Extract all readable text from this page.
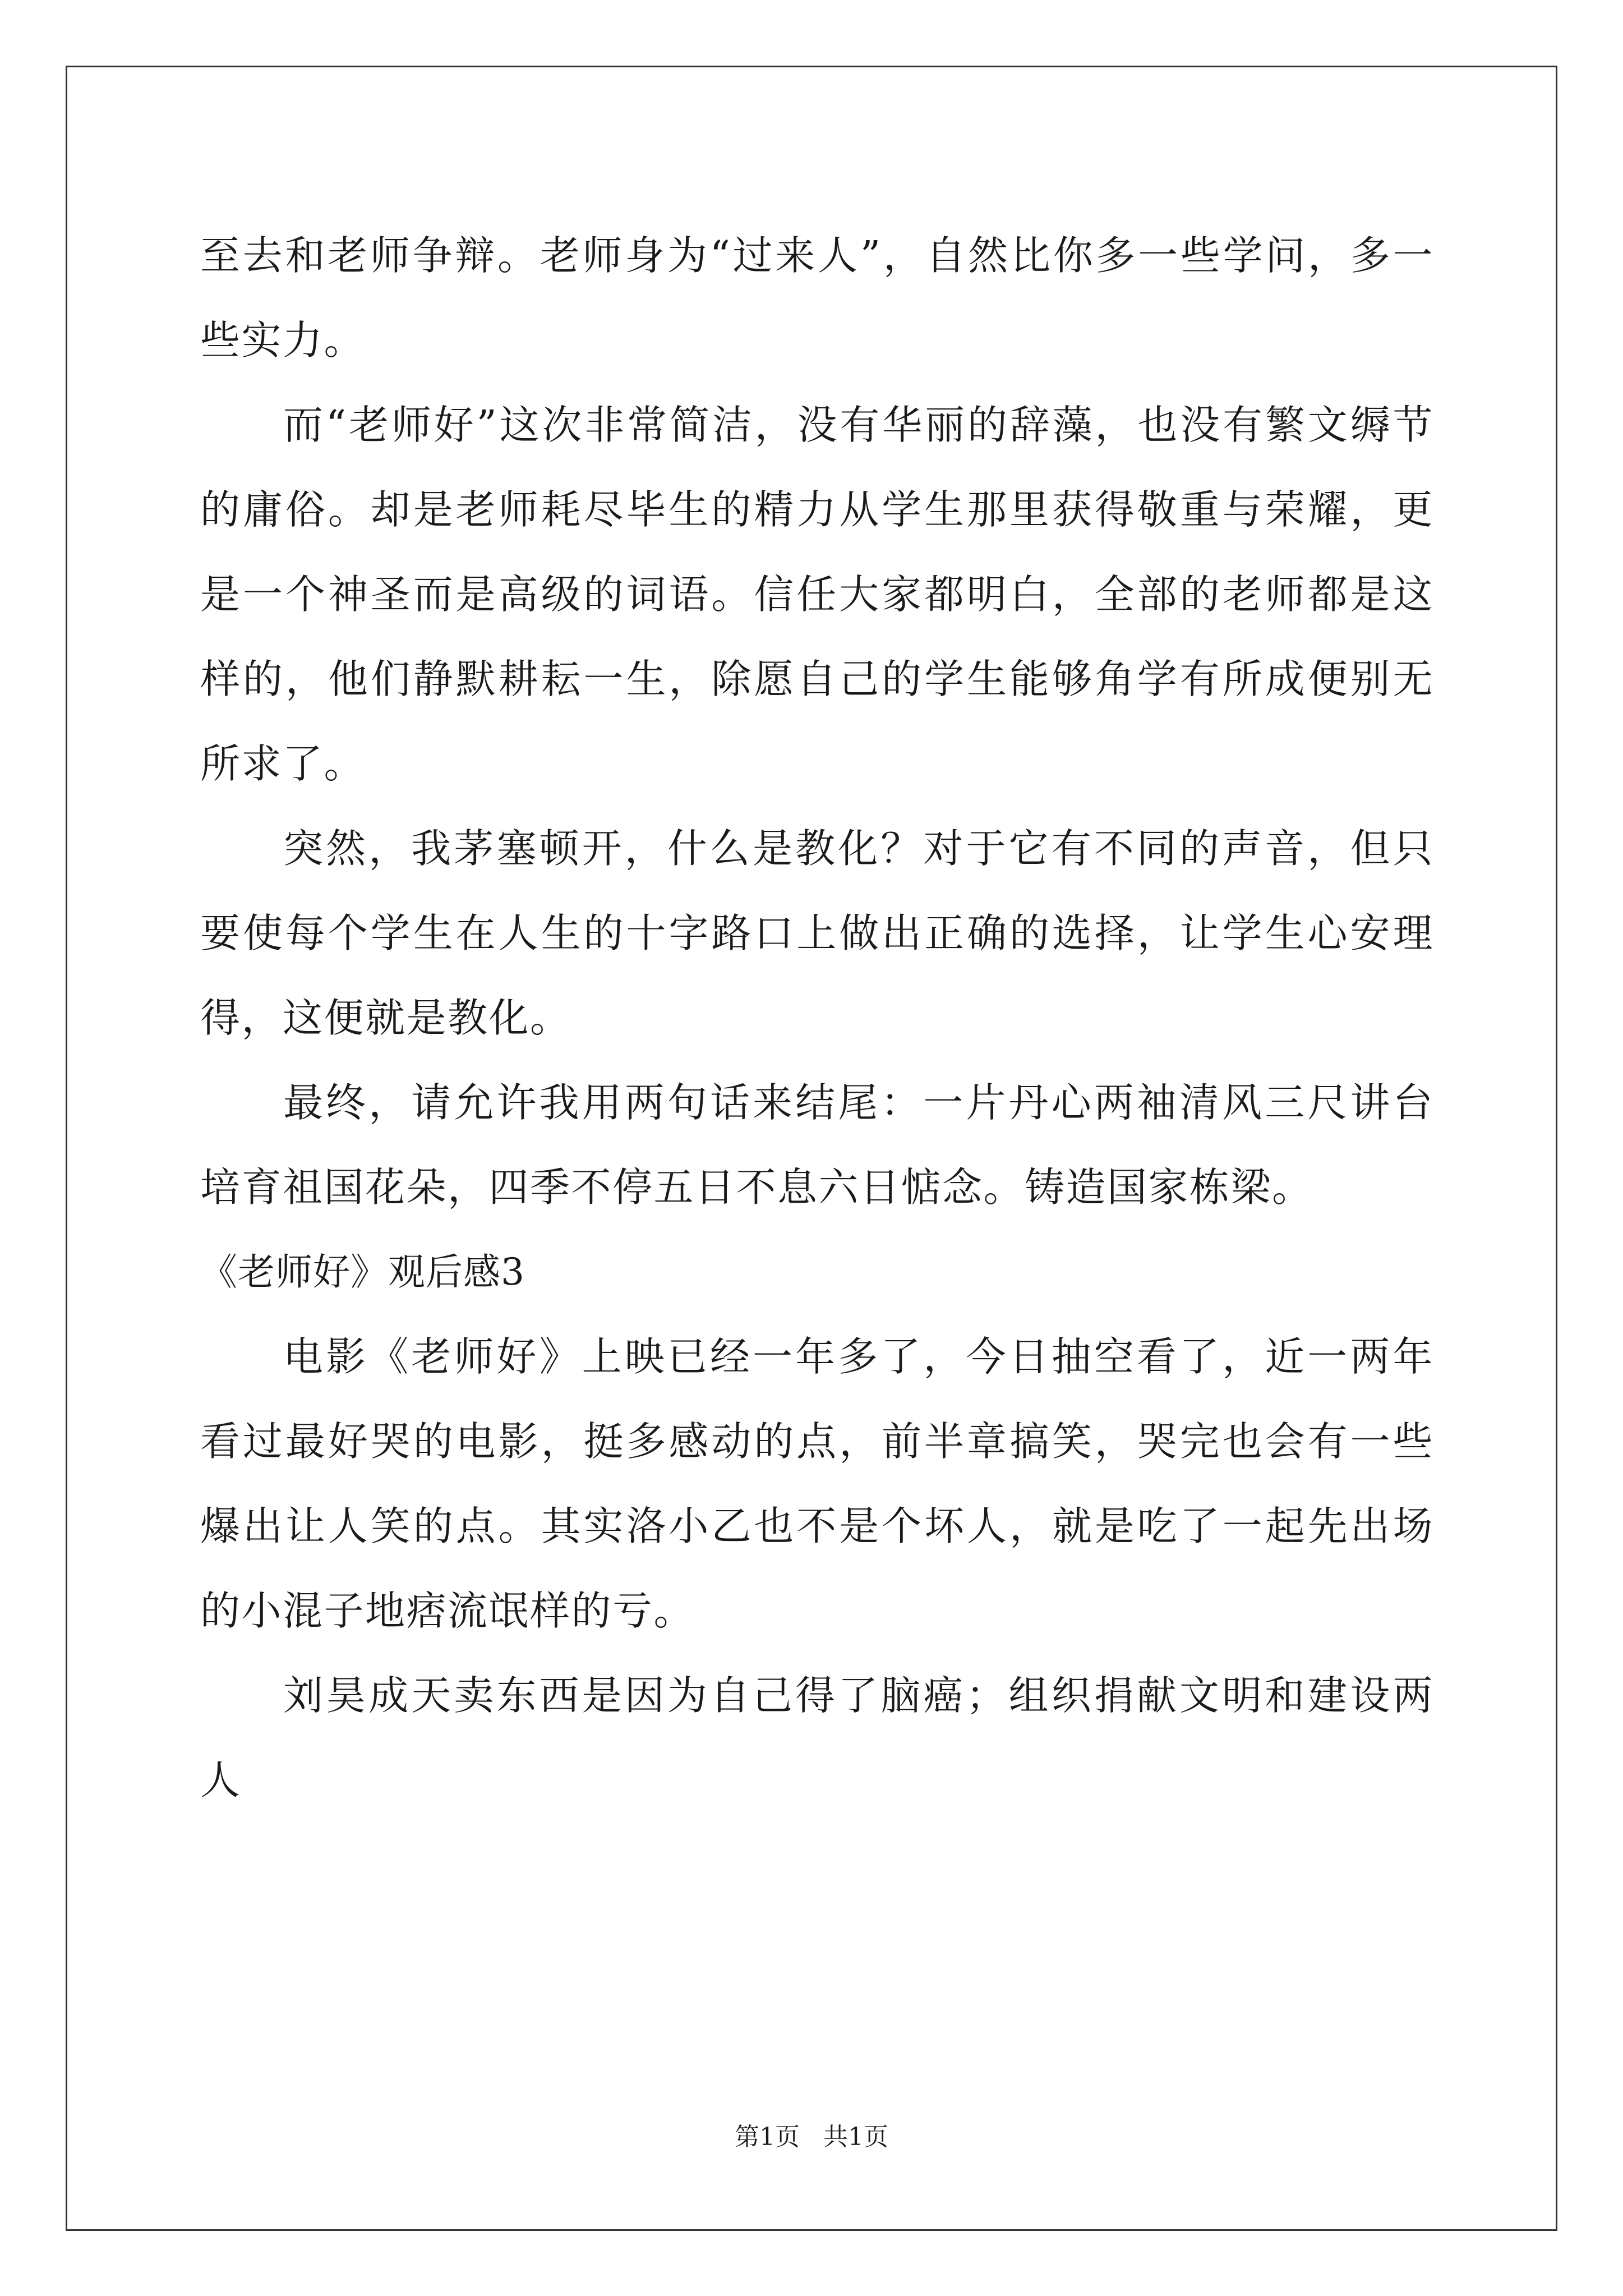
至去和老师争辩。老师身为“过来人”，自然比你多一些学问，多一些实力。

而“老师好”这次非常简洁，没有华丽的辞藻，也没有繁文缛节的庸俗。却是老师耗尽毕生的精力从学生那里获得敬重与荣耀，更是一个神圣而是高级的词语。信任大家都明白，全部的老师都是这样的，他们静默耕耘一生，除愿自己的学生能够角学有所成便别无所求了。

突然，我茅塞顿开，什么是教化？对于它有不同的声音，但只要使每个学生在人生的十字路口上做出正确的选择，让学生心安理得，这便就是教化。

最终，请允许我用两句话来结尾：一片丹心两袖清风三尺讲台培育祖国花朵，四季不停五日不息六日惦念。铸造国家栋梁。

《老师好》观后感3

电影《老师好》上映已经一年多了，今日抽空看了，近一两年看过最好哭的电影，挺多感动的点，前半章搞笑，哭完也会有一些爆出让人笑的点。其实洛小乙也不是个坏人，就是吃了一起先出场的小混子地痞流氓样的亏。

刘昊成天卖东西是因为自己得了脑癌；组织捐献文明和建设两人

第1页 共1页
